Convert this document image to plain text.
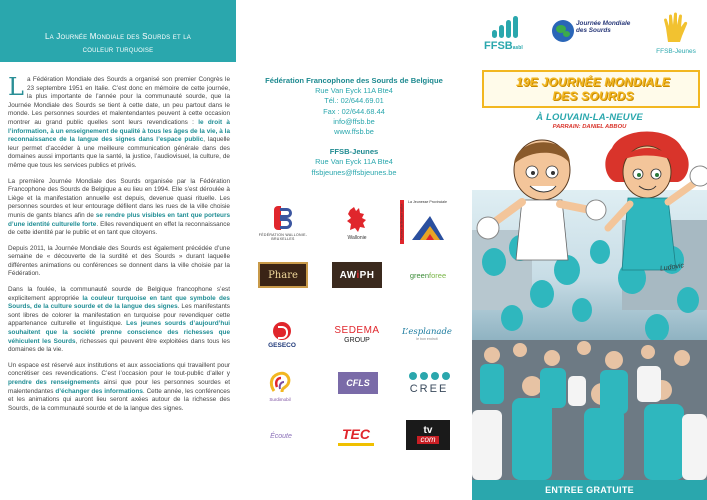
La Journée Mondiale des Sourds et la
couleur turquoise

La Fédération Mondiale des Sourds a organisé son premier Congrès le 23 septembre 1951 en Italie. C’est donc en mémoire de cette journée, la plus importante de l’année pour la communauté sourde, que la Journée Mondiale des Sourds se tient à cette date, un peu partout dans le monde. Les personnes sourdes et malentendantes peuvent à cette occasion montrer au grand public quelles sont leurs revendications : le droit à l’information, à un enseignement de qualité à tous les âges de la vie, à la reconnaissance de la langue des signes dans l’espace public, laquelle leur permet d’accéder à une meilleure communication générale dans des domaines aussi importants que la santé, la justice, l’audiovisuel, la culture, de même que tous les services publics et privés.

La première Journée Mondiale des Sourds organisée par la Fédération Francophone des Sourds de Belgique a eu lieu en 1994. Elle s’est déroulée à Liège et la manifestation annuelle est depuis, devenue quasi rituelle. Les personnes sourdes et leur entourage défilent dans les rues de la ville choisie munis de gants blancs afin de se rendre plus visibles en tant que porteurs d’une identité culturelle forte. Elles revendiquent en effet la reconnaissance de cette identité par le public et en tant que citoyens.

Depuis 2011, la Journée Mondiale des Sourds est également précédée d’une semaine de « découverte de la surdité et des Sourds » durant laquelle différentes animations ou conférences se donnent dans la ville choisie par la Fédération.

Dans la foulée, la communauté sourde de Belgique francophone s’est explicitement appropriée la couleur turquoise en tant que symbole des Sourds, de la culture sourde et de la langue des signes. Les manifestants sont libres de colorer la manifestation en turquoise pour revendiquer cette appartenance culturelle et linguistique. Les jeunes sourds d’aujourd’hui souhaitent que la société prenne conscience des richesses que véhiculent les Sourds, richesses qui peuvent être exploitées dans tous les domaines de la vie.

Un espace est réservé aux institutions et aux associations qui travaillent pour concrétiser ces revendications. C’est l’occasion pour le tout-public d’aller y prendre des renseignements ainsi que pour les personnes sourdes et malentendantes d’échanger des informations. Cette année, les conférences et les animations qui auront lieu seront axées autour de la richesse des Sourds, de la communauté sourde et de la langue des signes.

Fédération Francophone des Sourds de Belgique
Rue Van Eyck 11A Bte4
Tél.: 02/644.69.01
Fax : 02/644.68.44
info@ffsb.be
www.ffsb.be
FFSB-Jeunes
Rue Van Eyck 11A Bte4
ffsbjeunes@ffsbjeunes.be
FÉDÉRATION WALLONIE-BRUXELLES	Wallonie	Province de Brabant wallon
La Jeunesse Provinciale
Phare	AWiPH	green foree
GESECO
SEDEMA
GROUP
L’esplanade
le bon endroit
Surdimobil
CFLS	CREE
Écoute	TEC	tv
com
FFSBasbl
Journée Mondiale des Sourds
FFSB-Jeunes
19E JOURNÉE MONDIALE
DES SOURDS
À LOUVAIN-LA-NEUVE
PARRAIN: DANIEL ABBOU
Ludovic
ENTREE GRATUITE
